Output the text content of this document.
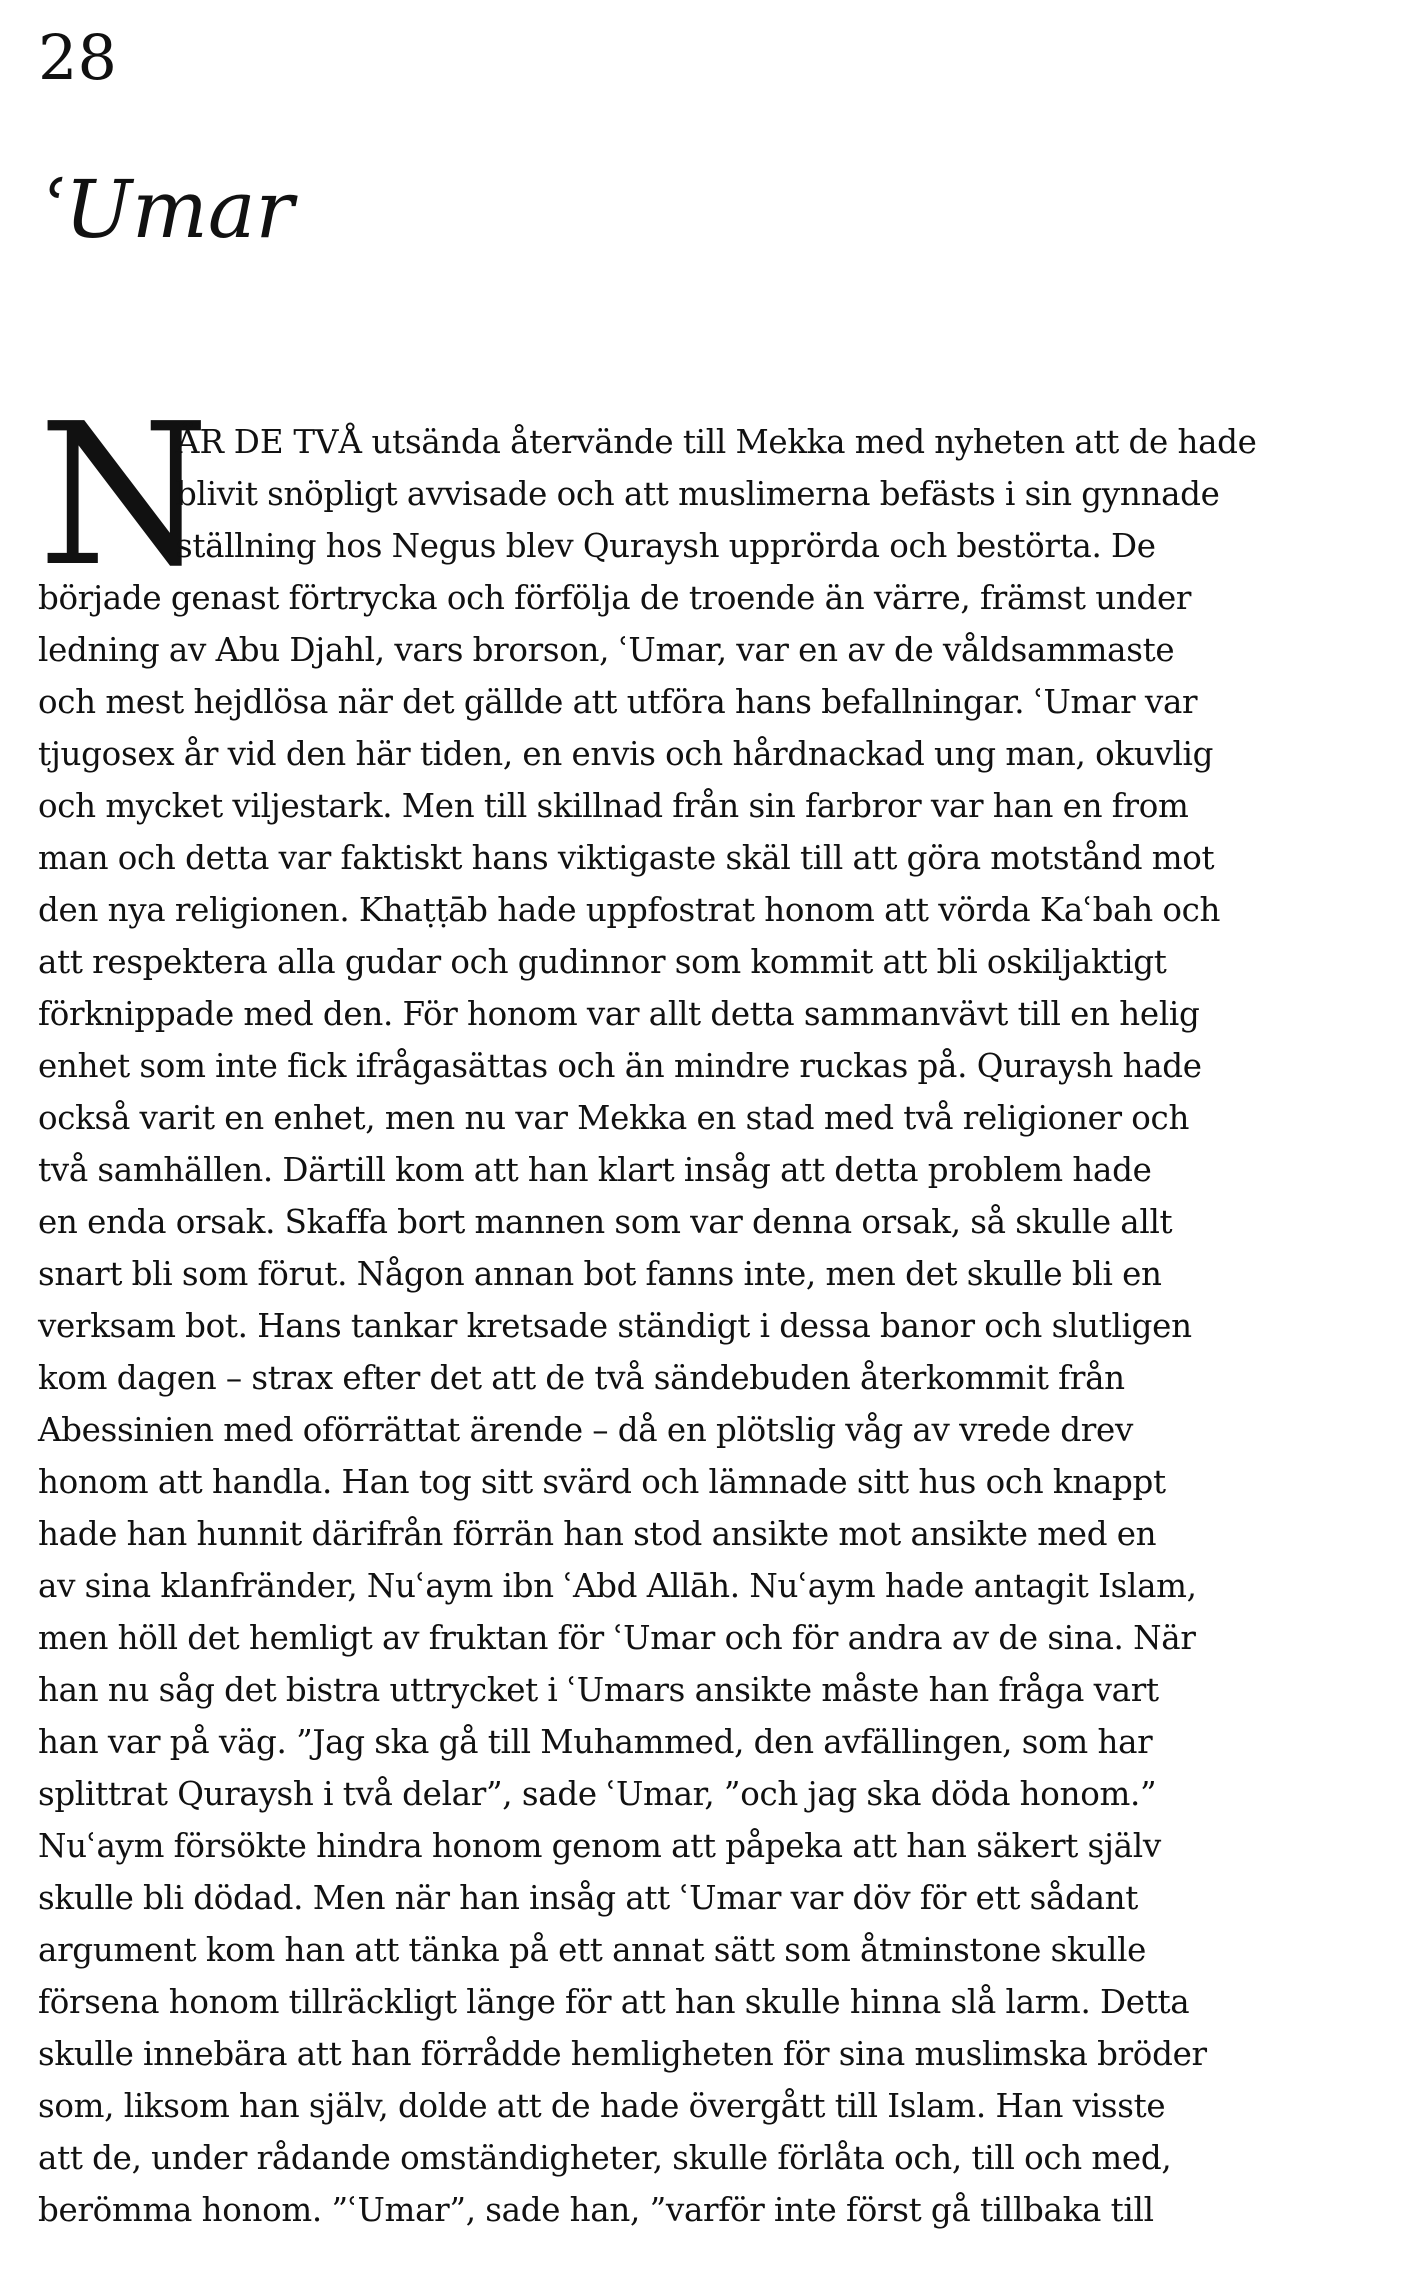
28
ʿUmar
N
ÄR DE TVÅ utsända återvände till Mekka med nyheten att de hade
blivit snöpligt avvisade och att muslimerna befästs i sin gynnade
ställning hos Negus blev Quraysh upprörda och bestörta. De
började genast förtrycka och förfölja de troende än värre, främst under
ledning av Abu Djahl, vars brorson, ʿUmar, var en av de våldsammaste
och mest hejdlösa när det gällde att utföra hans befallningar. ʿUmar var
tjugosex år vid den här tiden, en envis och hårdnackad ung man, okuvlig
och mycket viljestark. Men till skillnad från sin farbror var han en from
man och detta var faktiskt hans viktigaste skäl till att göra motstånd mot
den nya religionen. Khaṭṭāb hade uppfostrat honom att vörda Kaʿbah och
att respektera alla gudar och gudinnor som kommit att bli oskiljaktigt
förknippade med den. För honom var allt detta sammanvävt till en helig
enhet som inte fick ifrågasättas och än mindre ruckas på. Quraysh hade
också varit en enhet, men nu var Mekka en stad med två religioner och
två samhällen. Därtill kom att han klart insåg att detta problem hade
en enda orsak. Skaffa bort mannen som var denna orsak, så skulle allt
snart bli som förut. Någon annan bot fanns inte, men det skulle bli en
verksam bot. Hans tankar kretsade ständigt i dessa banor och slutligen
kom dagen – strax efter det att de två sändebuden återkommit från
Abessinien med oförrättat ärende – då en plötslig våg av vrede drev
honom att handla. Han tog sitt svärd och lämnade sitt hus och knappt
hade han hunnit därifrån förrän han stod ansikte mot ansikte med en
av sina klanfränder, Nuʿaym ibn ʿAbd Allāh. Nuʿaym hade antagit Islam,
men höll det hemligt av fruktan för ʿUmar och för andra av de sina. När
han nu såg det bistra uttrycket i ʿUmars ansikte måste han fråga vart
han var på väg. ”Jag ska gå till Muhammed, den avfällingen, som har
splittrat Quraysh i två delar”, sade ʿUmar, ”och jag ska döda honom.”
Nuʿaym försökte hindra honom genom att påpeka att han säkert själv
skulle bli dödad. Men när han insåg att ʿUmar var döv för ett sådant
argument kom han att tänka på ett annat sätt som åtminstone skulle
försena honom tillräckligt länge för att han skulle hinna slå larm. Detta
skulle innebära att han förrådde hemligheten för sina muslimska bröder
som, liksom han själv, dolde att de hade övergått till Islam. Han visste
att de, under rådande omständigheter, skulle förlåta och, till och med,
berömma honom. ”ʿUmar”, sade han, ”varför inte först gå tillbaka till
